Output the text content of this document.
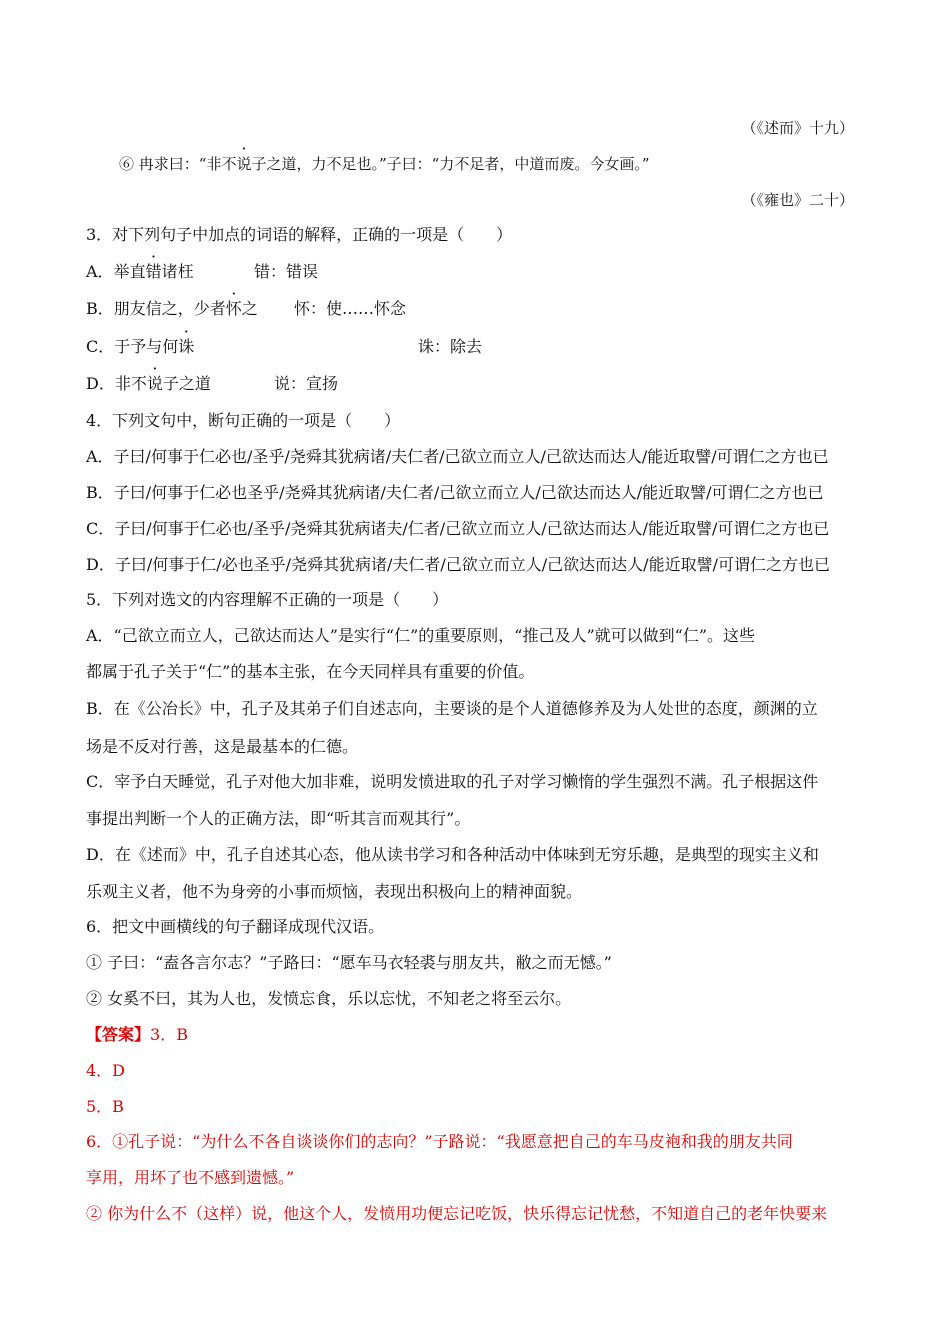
（《述而》十九）
⑥ 冉求曰：“非不说子之道，力不足也。”子曰：“力不足者，中道而废。今女画。”
（《雍也》二十）
3．对下列句子中加点的词语的解释，正确的一项是（　　）
A．举直错诸枉	错：错误
B．朋友信之，少者怀之 怀：使……怀念
C．于予与何诛	诛：除去
D．非不说子之道	说：宣扬
4．下列文句中，断句正确的一项是（　　）
A．子曰/何事于仁必也/圣乎/尧舜其犹病诸/夫仁者/己欲立而立人/己欲达而达人/能近取譬/可谓仁之方也已
B．子曰/何事于仁必也圣乎/尧舜其犹病诸/夫仁者/己欲立而立人/己欲达而达人/能近取譬/可谓仁之方也已
C．子曰/何事于仁必也/圣乎/尧舜其犹病诸夫/仁者/己欲立而立人/己欲达而达人/能近取譬/可谓仁之方也已
D．子曰/何事于仁/必也圣乎/尧舜其犹病诸/夫仁者/己欲立而立人/己欲达而达人/能近取譬/可谓仁之方也已
5．下列对选文的内容理解不正确的一项是（　　）
A．“己欲立而立人，己欲达而达人”是实行“仁”的重要原则，“推己及人”就可以做到“仁”。这些
都属于孔子关于“仁”的基本主张，在今天同样具有重要的价值。
B．在《公冶长》中，孔子及其弟子们自述志向，主要谈的是个人道德修养及为人处世的态度，颜渊的立
场是不反对行善，这是最基本的仁德。
C．宰予白天睡觉，孔子对他大加非难，说明发愤进取的孔子对学习懒惰的学生强烈不满。孔子根据这件
事提出判断一个人的正确方法，即“听其言而观其行”。
D．在《述而》中，孔子自述其心态，他从读书学习和各种活动中体味到无穷乐趣，是典型的现实主义和
乐观主义者，他不为身旁的小事而烦恼，表现出积极向上的精神面貌。
6．把文中画横线的句子翻译成现代汉语。
① 子曰：“盍各言尔志？”子路曰：“愿车马衣轻裘与朋友共，敝之而无憾。”
② 女奚不曰，其为人也，发愤忘食，乐以忘忧，不知老之将至云尔。
【答案】3．B
4．D
5．B
6．①孔子说：“为什么不各自谈谈你们的志向？”子路说：“我愿意把自己的车马皮袍和我的朋友共同
享用，用坏了也不感到遗憾。”
② 你为什么不（这样）说，他这个人，发愤用功便忘记吃饭，快乐得忘记忧愁，不知道自己的老年快要来
